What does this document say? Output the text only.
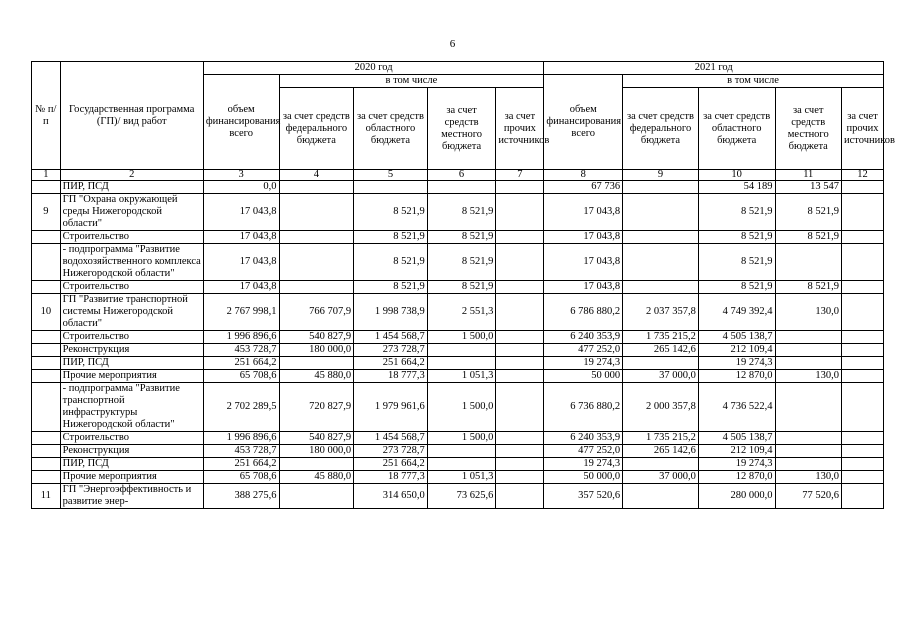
6
№ п/п	Государственная программа (ГП)/ вид работ	2020 год					2021 год				
		объем финансирования всего	в том числе				объем финансирования всего	в том числе			
			за счет средств федерального бюджета	за счет средств областного бюджета	за счет средств местного бюджета	за счет прочих источников		за счет средств федерального бюджета	за счет средств областного бюджета	за счет средств местного бюджета	за счет прочих источников
1	2	3	4	5	6	7	8	9	10	11	12
	ПИР, ПСД	0,0					67 736		54 189	13 547	
9	ГП "Охрана окружающей среды Нижегородской области"	17 043,8		8 521,9	8 521,9		17 043,8		8 521,9	8 521,9	
	Строительство	17 043,8		8 521,9	8 521,9		17 043,8		8 521,9	8 521,9	
	- подпрограмма "Развитие водохозяйственного комплекса Нижегородской области"	17 043,8		8 521,9	8 521,9		17 043,8		8 521,9		
	Строительство	17 043,8		8 521,9	8 521,9		17 043,8		8 521,9	8 521,9	
10	ГП "Развитие транспортной системы Нижегородской области"	2 767 998,1	766 707,9	1 998 738,9	2 551,3		6 786 880,2	2 037 357,8	4 749 392,4	130,0	
	Строительство	1 996 896,6	540 827,9	1 454 568,7	1 500,0		6 240 353,9	1 735 215,2	4 505 138,7		
	Реконструкция	453 728,7	180 000,0	273 728,7			477 252,0	265 142,6	212 109,4		
	ПИР, ПСД	251 664,2		251 664,2			19 274,3		19 274,3		
	Прочие мероприятия	65 708,6	45 880,0	18 777,3	1 051,3		50 000	37 000,0	12 870,0	130,0	
	- подпрограмма "Развитие транспортной инфраструктуры Нижегородской области"	2 702 289,5	720 827,9	1 979 961,6	1 500,0		6 736 880,2	2 000 357,8	4 736 522,4		
	Строительство	1 996 896,6	540 827,9	1 454 568,7	1 500,0		6 240 353,9	1 735 215,2	4 505 138,7		
	Реконструкция	453 728,7	180 000,0	273 728,7			477 252,0	265 142,6	212 109,4		
	ПИР, ПСД	251 664,2		251 664,2			19 274,3		19 274,3		
	Прочие мероприятия	65 708,6	45 880,0	18 777,3	1 051,3		50 000,0	37 000,0	12 870,0	130,0	
11	ГП "Энергоэффективность и развитие энер-	388 275,6		314 650,0	73 625,6		357 520,6		280 000,0	77 520,6	
